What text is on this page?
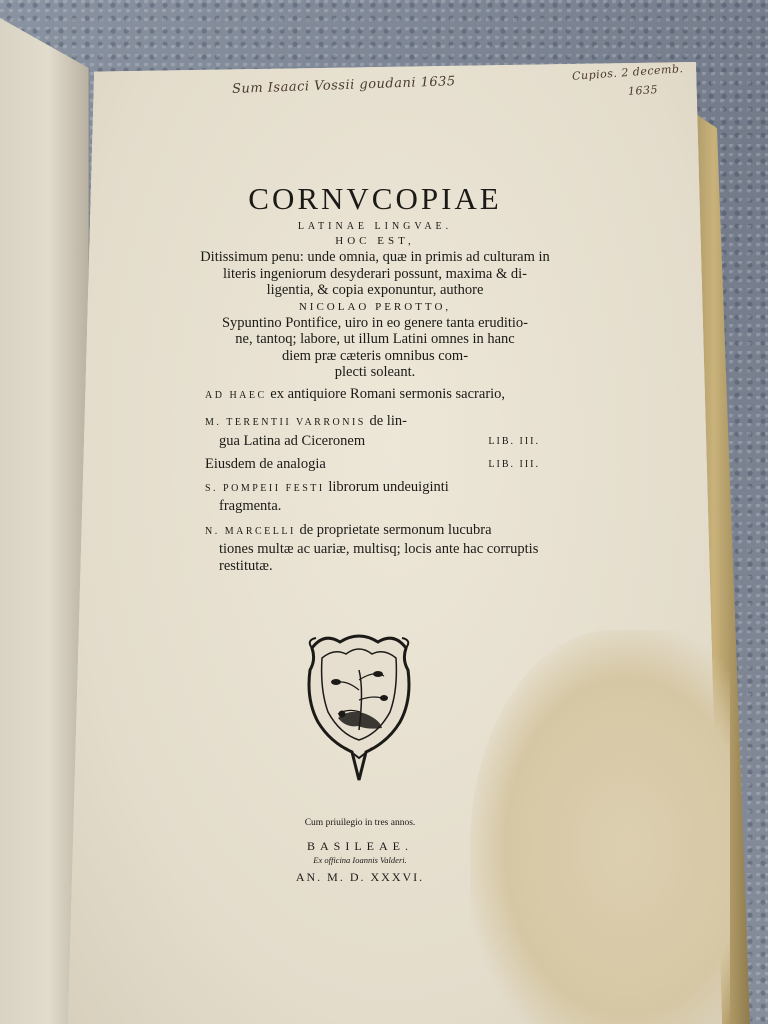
Sum Isaaci Vossii goudani 1635
Cupios. 2 decemb.
1635
CORNVCOPIAE
LATINAE LINGVAE.
HOC EST,
Ditissimum penu: unde omnia, quæ in primis ad culturam in
literis ingeniorum desyderari possunt, maxima & di-
ligentia, & copia exponuntur, authore
NICOLAO PEROTTO,
Sypuntino Pontifice, uiro in eo genere tanta eruditio-
ne, tantoq; labore, ut illum Latini omnes in hanc
diem præ cæteris omnibus com-
plecti soleant.
AD HAEC ex antiquiore Romani sermonis sacrario,
M. TERENTII VARRONIS de lin-
gua Latina ad Ciceronem	LIB. III.
Eiusdem de analogia	LIB. III.
S. POMPEII FESTI librorum undeuiginti
fragmenta.
N. MARCELLI de proprietate sermonum lucubra
tiones multæ ac uariæ, multisq; locis ante hac corruptis
restitutæ.
Cum priuilegio in tres annos.
BASILEAE.
Ex officina Ioannis Valderi.
AN. M. D. XXXVI.
